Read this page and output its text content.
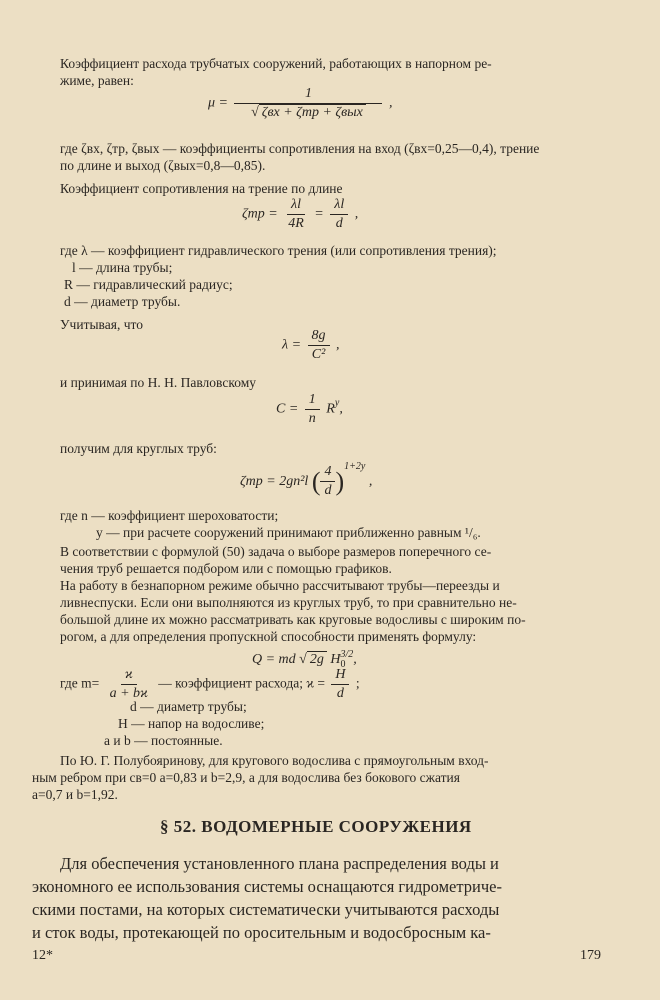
Коэффициент расхода трубчатых сооружений, работающих в напорном ре-
жиме, равен:
$\mu = \frac{1}{\text{√ ζвх + ζтр + ζвых}}$ ,
где ζвх, ζтр, ζвых — коэффициенты сопротивления на вход (ζвх=0,25—0,4), трение
по длине и выход (ζвых=0,8—0,85).
Коэффициент сопротивления на трение по длине
$\zeta тр = \frac{\lambda l}{4R} = \frac{\lambda l}{d}$ ,
где λ — коэффициент гидравлического трения (или сопротивления трения);
l — длина трубы;
R — гидравлический радиус;
d — диаметр трубы.
Учитывая, что
$\lambda = \frac{8g}{\text{C²}}$ ,
и принимая по Н. Н. Павловскому
$C = \frac{1}{n} R^y$,
получим для круглых труб:
ζтр = 2gn²l ( $\frac{4}{d} )^{1+2y}$ ,
где n — коэффициент шероховатости;
y — при расчете сооружений принимают приближенно равным ¹/₆.
В соответствии с формулой (50) задача о выборе размеров поперечного се-
чения труб решается подбором или с помощью графиков.
На работу в безнапорном режиме обычно рассчитывают трубы—переезды и
ливнеспуски. Если они выполняются из круглых труб, то при сравнительно не-
большой длине их можно рассматривать как круговые водосливы с широким по-
рогом, а для определения пропускной способности применять формулу:
Q = md √ 2g H 3/2
0 ,
где $m= \frac{ϰ}{a + bϰ}$ — коэффициент расхода; $ϰ = \frac{H}{d}$ ;
d — диаметр трубы;
H — напор на водосливе;
a и b — постоянные.
По Ю. Г. Полубояринову, для кругового водослива с прямоугольным вход-
ным ребром при cв=0 a=0,83 и b=2,9, а для водослива без бокового сжатия
a=0,7 и b=1,92.
§ 52. ВОДОМЕРНЫЕ СООРУЖЕНИЯ
Для обеспечения установленного плана распределения воды и
экономного ее использования системы оснащаются гидрометриче-
скими постами, на которых систематически учитываются расходы
и сток воды, протекающей по оросительным и водосбросным ка-
12*	179
